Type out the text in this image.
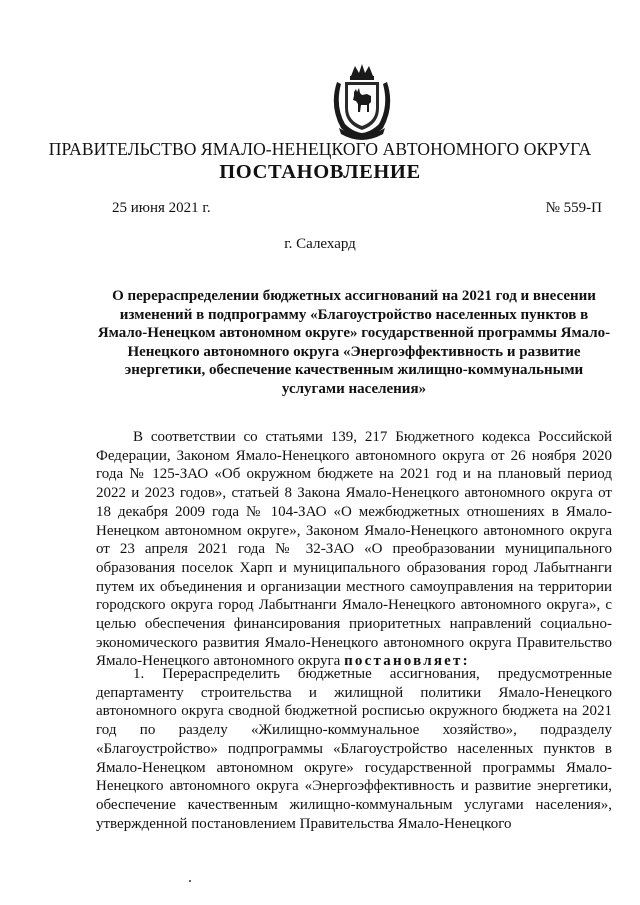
ПРАВИТЕЛЬСТВО ЯМАЛО-НЕНЕЦКОГО АВТОНОМНОГО ОКРУГА
ПОСТАНОВЛЕНИЕ
25 июня 2021 г.	№ 559-П
г. Салехард
О перераспределении бюджетных ассигнований на 2021 год и внесении изменений в подпрограмму «Благоустройство населенных пунктов в Ямало-Ненецком автономном округе» государственной программы Ямало-Ненецкого автономного округа «Энергоэффективность и развитие энергетики, обеспечение качественным жилищно-коммунальными услугами населения»
В соответствии со статьями 139, 217 Бюджетного кодекса Российской Федерации, Законом Ямало-Ненецкого автономного округа от 26 ноября 2020 года № 125-ЗАО «Об окружном бюджете на 2021 год и на плановый период 2022 и 2023 годов», статьей 8 Закона Ямало-Ненецкого автономного округа от 18 декабря 2009 года № 104-ЗАО «О межбюджетных отношениях в Ямало-Ненецком автономном округе», Законом Ямало-Ненецкого автономного округа от 23 апреля 2021 года № 32-ЗАО «О преобразовании муниципального образования поселок Харп и муниципального образования город Лабытнанги путем их объединения и организации местного самоуправления на территории городского округа город Лабытнанги Ямало-Ненецкого автономного округа», с целью обеспечения финансирования приоритетных направлений социально-экономического развития Ямало-Ненецкого автономного округа Правительство Ямало-Ненецкого автономного округа постановляет:
1. Перераспределить бюджетные ассигнования, предусмотренные департаменту строительства и жилищной политики Ямало-Ненецкого автономного округа сводной бюджетной росписью окружного бюджета на 2021 год по разделу «Жилищно-коммунальное хозяйство», подразделу «Благоустройство» подпрограммы «Благоустройство населенных пунктов в Ямало-Ненецком автономном округе» государственной программы Ямало-Ненецкого автономного округа «Энергоэффективность и развитие энергетики, обеспечение качественным жилищно-коммунальным услугами населения», утвержденной постановлением Правительства Ямало-Ненецкого
